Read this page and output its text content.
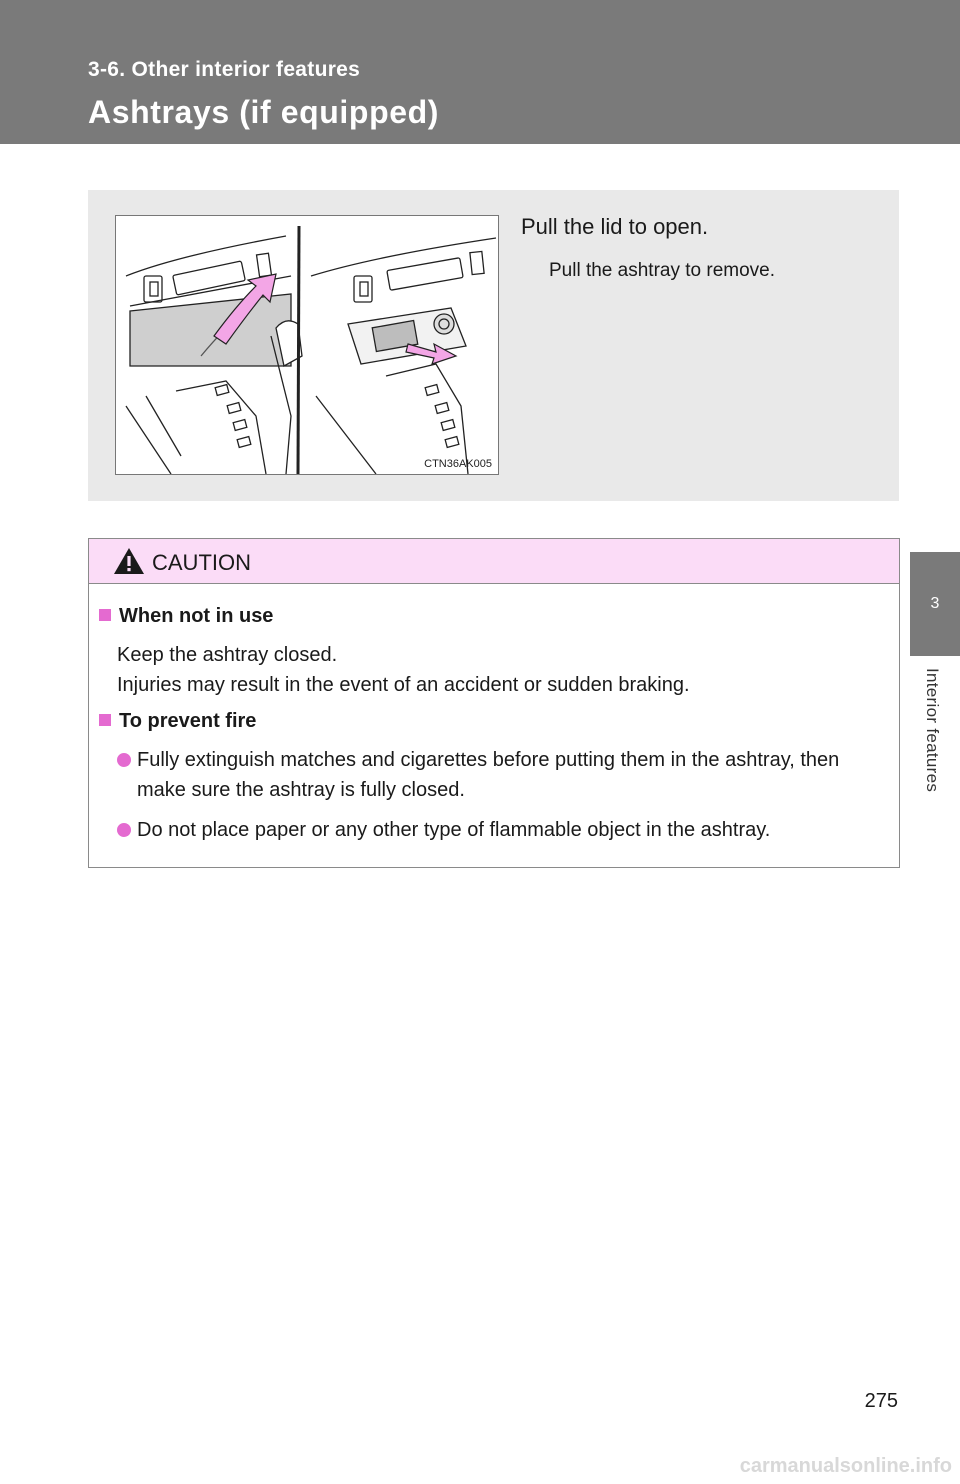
3-6. Other interior features
Ashtrays (if equipped)
3
Interior features
CTN36AK005
Pull the lid to open.
Pull the ashtray to remove.
CAUTION
When not in use
Keep the ashtray closed.
Injuries may result in the event of an accident or sudden braking.
To prevent fire
Fully extinguish matches and cigarettes before putting them in the ashtray, then make sure the ashtray is fully closed.
Do not place paper or any other type of flammable object in the ashtray.
275
carmanualsonline.info
